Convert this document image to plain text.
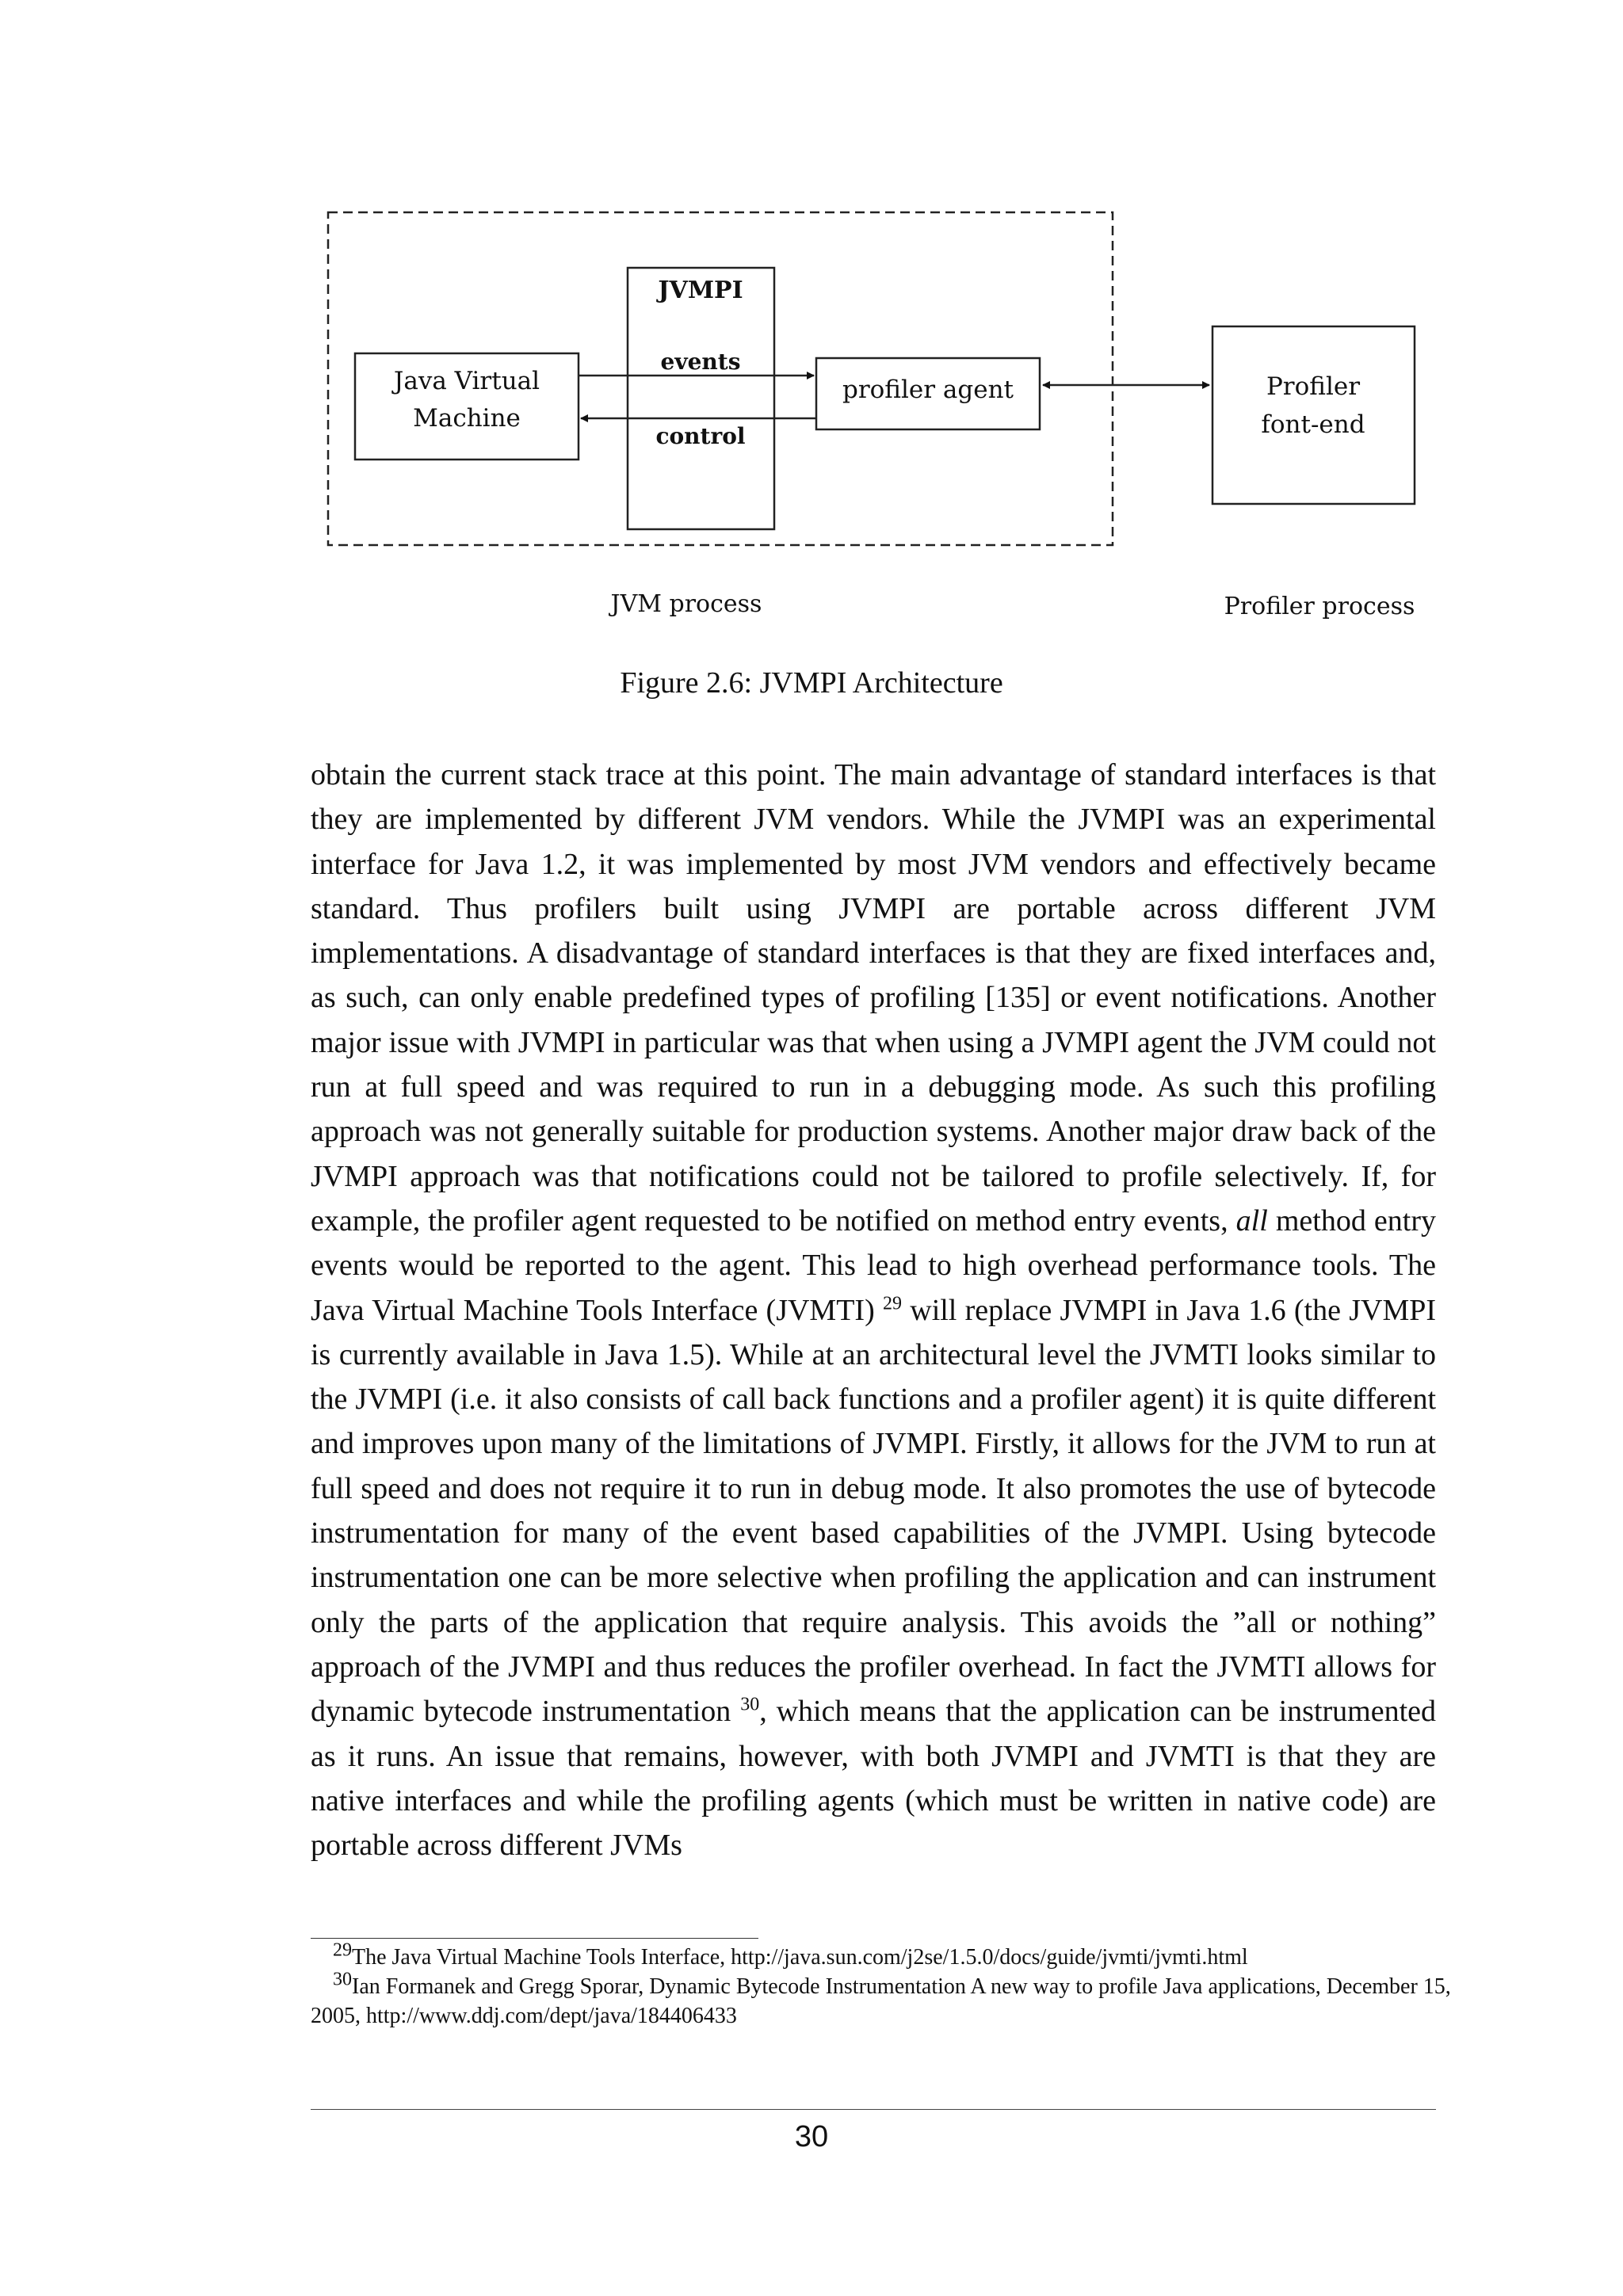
JVMPI
Java Virtual
Machine
profiler agent
events
control
Profiler
font-end
JVM process	Profiler process

Figure 2.6: JVMPI Architecture

obtain the current stack trace at this point. The main advantage of standard interfaces is that they are implemented by different JVM vendors. While the JVMPI was an experimental interface for Java 1.2, it was implemented by most JVM vendors and effectively became standard. Thus profilers built using JVMPI are portable across different JVM implementations. A disadvantage of standard interfaces is that they are fixed interfaces and, as such, can only enable predefined types of profiling [135] or event notifications. Another major issue with JVMPI in particular was that when using a JVMPI agent the JVM could not run at full speed and was required to run in a debugging mode. As such this profiling approach was not generally suitable for production systems. Another major draw back of the JVMPI approach was that notifications could not be tailored to profile selectively. If, for example, the profiler agent requested to be notified on method entry events, all method entry events would be reported to the agent. This lead to high overhead performance tools. The Java Virtual Machine Tools Interface (JVMTI) $^{29}$ will replace JVMPI in Java 1.6 (the JVMPI is currently available in Java 1.5). While at an architectural level the JVMTI looks similar to the JVMPI (i.e. it also consists of call back functions and a profiler agent) it is quite different and improves upon many of the limitations of JVMPI. Firstly, it allows for the JVM to run at full speed and does not require it to run in debug mode. It also promotes the use of bytecode instrumentation for many of the event based capabilities of the JVMPI. Using bytecode instrumentation one can be more selective when profiling the application and can instrument only the parts of the application that require analysis. This avoids the ”all or nothing” approach of the JVMPI and thus reduces the profiler overhead. In fact the JVMTI allows for dynamic bytecode instrumentation $^{30}$, which means that the application can be instrumented as it runs. An issue that remains, however, with both JVMPI and JVMTI is that they are native interfaces and while the profiling agents (which must be written in native code) are portable across different JVMs

$^{29}$The Java Virtual Machine Tools Interface, http://java.sun.com/j2se/1.5.0/docs/guide/jvmti/jvmti.html

$^{30}$Ian Formanek and Gregg Sporar, Dynamic Bytecode Instrumentation A new way to profile Java applications, December 15, 2005, http://www.ddj.com/dept/java/184406433

30
